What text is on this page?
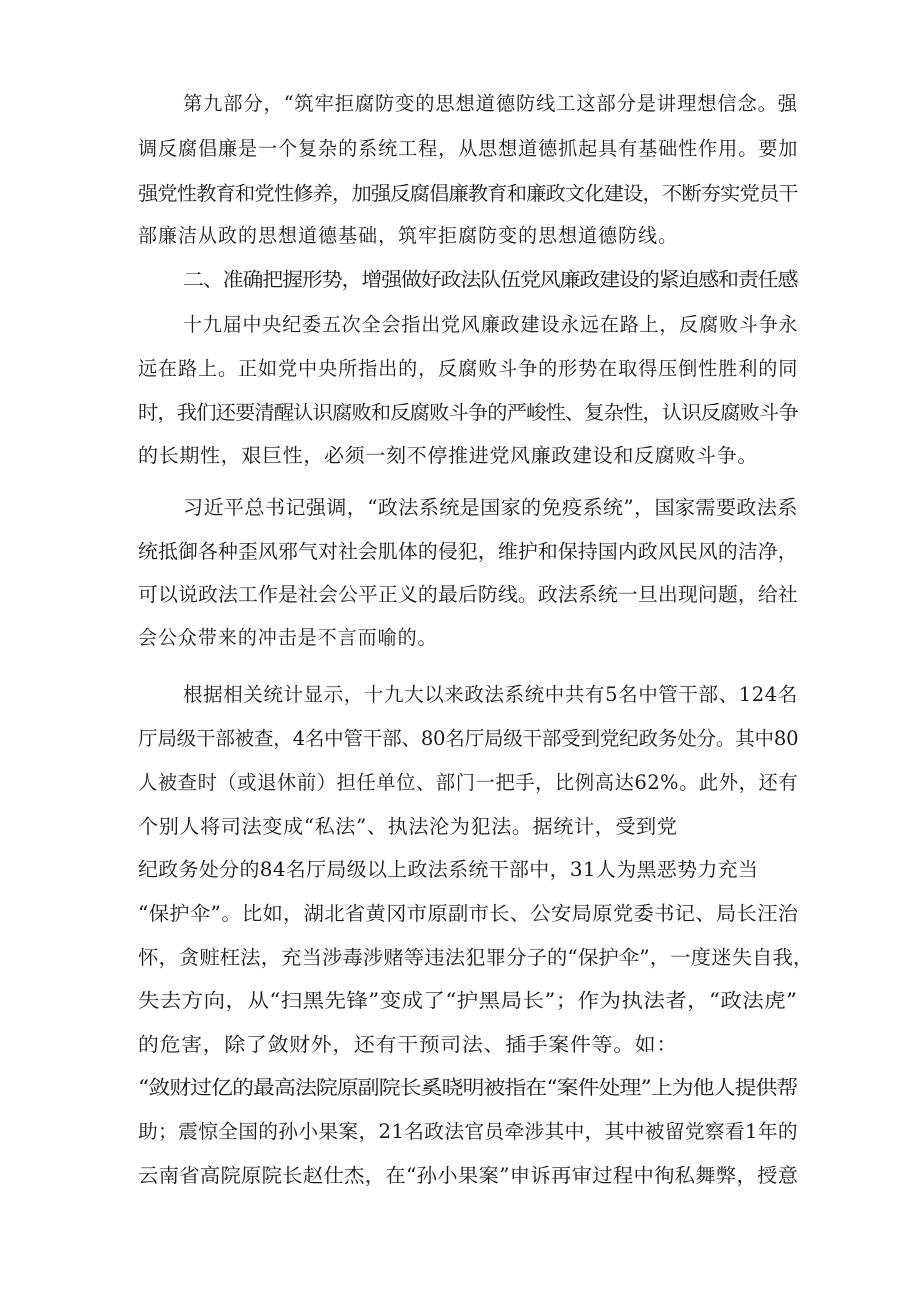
第九部分，“筑牢拒腐防变的思想道德防线工这部分是讲理想信念。强

调反腐倡廉是一个复杂的系统工程，从思想道德抓起具有基础性作用。要加

强党性教育和党性修养，加强反腐倡廉教育和廉政文化建设，不断夯实党员干

部廉洁从政的思想道德基础，筑牢拒腐防变的思想道德防线。

二、准确把握形势，增强做好政法队伍党风廉政建设的紧迫感和责任感

十九届中央纪委五次全会指出党风廉政建设永远在路上，反腐败斗争永

远在路上。正如党中央所指出的，反腐败斗争的形势在取得压倒性胜利的同

时，我们还要清醒认识腐败和反腐败斗争的严峻性、复杂性，认识反腐败斗争

的长期性，艰巨性，必须一刻不停推进党风廉政建设和反腐败斗争。

习近平总书记强调，“政法系统是国家的免疫系统”，国家需要政法系

统抵御各种歪风邪气对社会肌体的侵犯，维护和保持国内政风民风的洁净，

可以说政法工作是社会公平正义的最后防线。政法系统一旦出现问题，给社

会公众带来的冲击是不言而喻的。

根据相关统计显示，十九大以来政法系统中共有5名中管干部、124名

厅局级干部被查，4名中管干部、80名厅局级干部受到党纪政务处分。其中80

人被查时（或退休前）担任单位、部门一把手，比例高达62%。此外，还有

个别人将司法变成“私法”、执法沦为犯法。据统计，受到党

纪政务处分的84名厅局级以上政法系统干部中，31人为黑恶势力充当

“保护伞”。比如，湖北省黄冈市原副市长、公安局原党委书记、局长汪治

怀，贪赃枉法，充当涉毒涉赌等违法犯罪分子的“保护伞”，一度迷失自我，

失去方向，从“扫黑先锋”变成了“护黑局长”；作为执法者，“政法虎”

的危害，除了敛财外，还有干预司法、插手案件等。如：

“敛财过亿的最高法院原副院长奚晓明被指在“案件处理”上为他人提供帮

助；震惊全国的孙小果案，21名政法官员牵涉其中，其中被留党察看1年的

云南省高院原院长赵仕杰，在“孙小果案”申诉再审过程中徇私舞弊，授意
